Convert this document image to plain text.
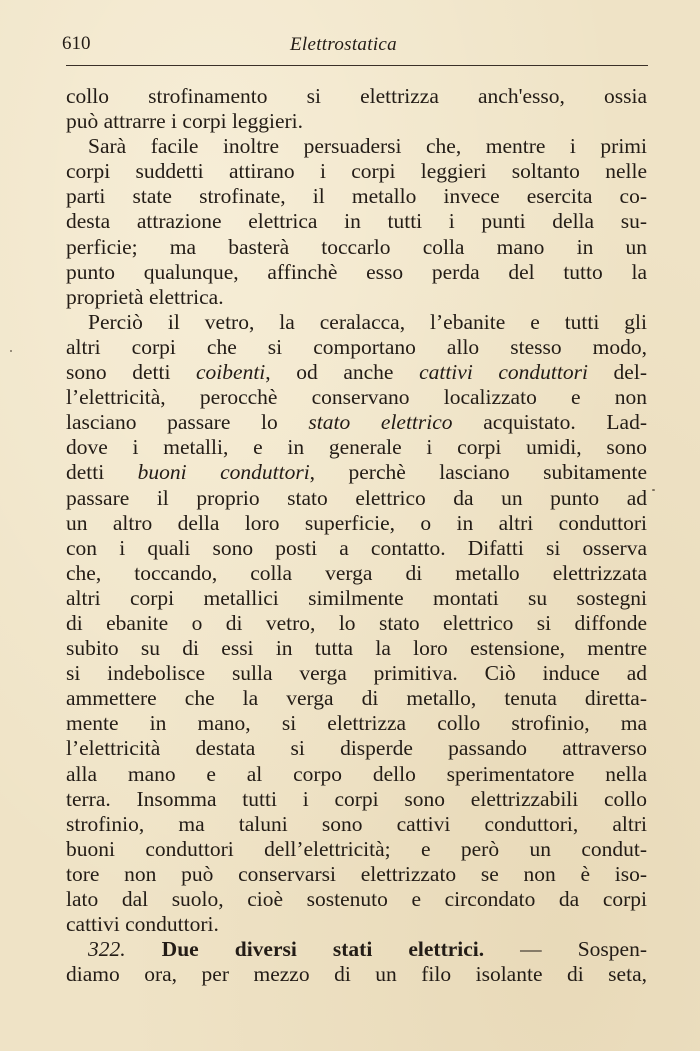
610	Elettrostatica
collo strofinamento si elettrizza anch'esso, ossia
può attrarre i corpi leggieri.
Sarà facile inoltre persuadersi che, mentre i primi
corpi suddetti attirano i corpi leggieri soltanto nelle
parti state strofinate, il metallo invece esercita co-
desta attrazione elettrica in tutti i punti della su-
perficie; ma basterà toccarlo colla mano in un
punto qualunque, affinchè esso perda del tutto la
proprietà elettrica.
Perciò il vetro, la ceralacca, l’ebanite e tutti gli
altri corpi che si comportano allo stesso modo,
sono detti coibenti, od anche cattivi conduttori del-
l’elettricità, perocchè conservano localizzato e non
lasciano passare lo stato elettrico acquistato. Lad-
dove i metalli, e in generale i corpi umidi, sono
detti buoni conduttori, perchè lasciano subitamente
passare il proprio stato elettrico da un punto ad
un altro della loro superficie, o in altri conduttori
con i quali sono posti a contatto. Difatti si osserva
che, toccando, colla verga di metallo elettrizzata
altri corpi metallici similmente montati su sostegni
di ebanite o di vetro, lo stato elettrico si diffonde
subito su di essi in tutta la loro estensione, mentre
si indebolisce sulla verga primitiva. Ciò induce ad
ammettere che la verga di metallo, tenuta diretta-
mente in mano, si elettrizza collo strofinio, ma
l’elettricità destata si disperde passando attraverso
alla mano e al corpo dello sperimentatore nella
terra. Insomma tutti i corpi sono elettrizzabili collo
strofinio, ma taluni sono cattivi conduttori, altri
buoni conduttori dell’elettricità; e però un condut-
tore non può conservarsi elettrizzato se non è iso-
lato dal suolo, cioè sostenuto e circondato da corpi
cattivi conduttori.
322. Due diversi stati elettrici. — Sospen-
diamo ora, per mezzo di un filo isolante di seta,
